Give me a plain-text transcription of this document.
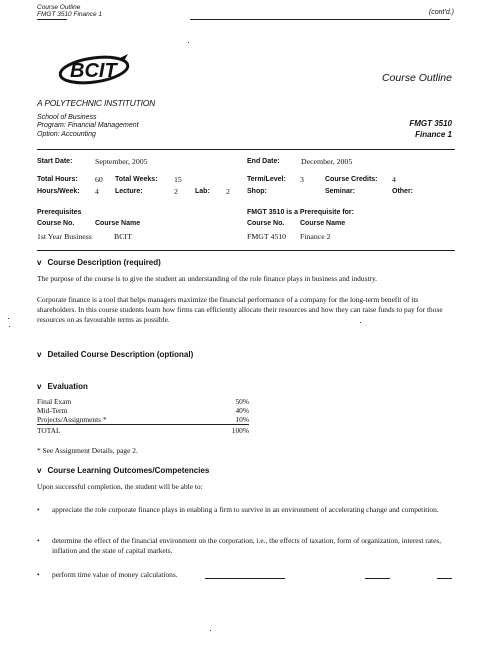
Course Outline
FMGT 3510 Finance 1	(cont'd.)
BCIT
A POLYTECHNIC INSTITUTION
Course Outline
School of Business
Program: Financial Management
Option: Accounting
FMGT 3510
Finance 1
Start Date:	September, 2005	End Date:	December, 2005
Total Hours: 60 Total Weeks: 15	Term/Level: 3	Course Credits: 4
Hours/Week: 4 Lecture:	2 Lab: 2 Shop:	Seminar:	Other:
Prerequisites
Course No.	Course Name
1st Year Business	BCIT
FMGT 3510 is a Prerequisite for:
Course No. Course Name
FMGT 4510 Finance 2
v Course Description (required)
The purpose of the course is to give the student an understanding of the role finance plays in business and industry.
Corporate finance is a tool that helps managers maximize the financial performance of a company for the long-term benefit of its shareholders. In this course students learn how firms can efficiently allocate their resources and how they can raise funds to pay for those resources on as favourable terms as possible.
v Detailed Course Description (optional)
v Evaluation
Final Exam	50%
Mid-Term	40%
Projects/Assignments *	10%
TOTAL	100%
* See Assignment Details, page 2.
v Course Learning Outcomes/Competencies
Upon successful completion, the student will be able to:
•	appreciate the role corporate finance plays in enabling a firm to survive in an environment of accelerating change and competition.
•	determine the effect of the financial environment on the corporation, i.e., the effects of taxation, form of organization, interest rates, inflation and the state of capital markets.
•	perform time value of money calculations.
